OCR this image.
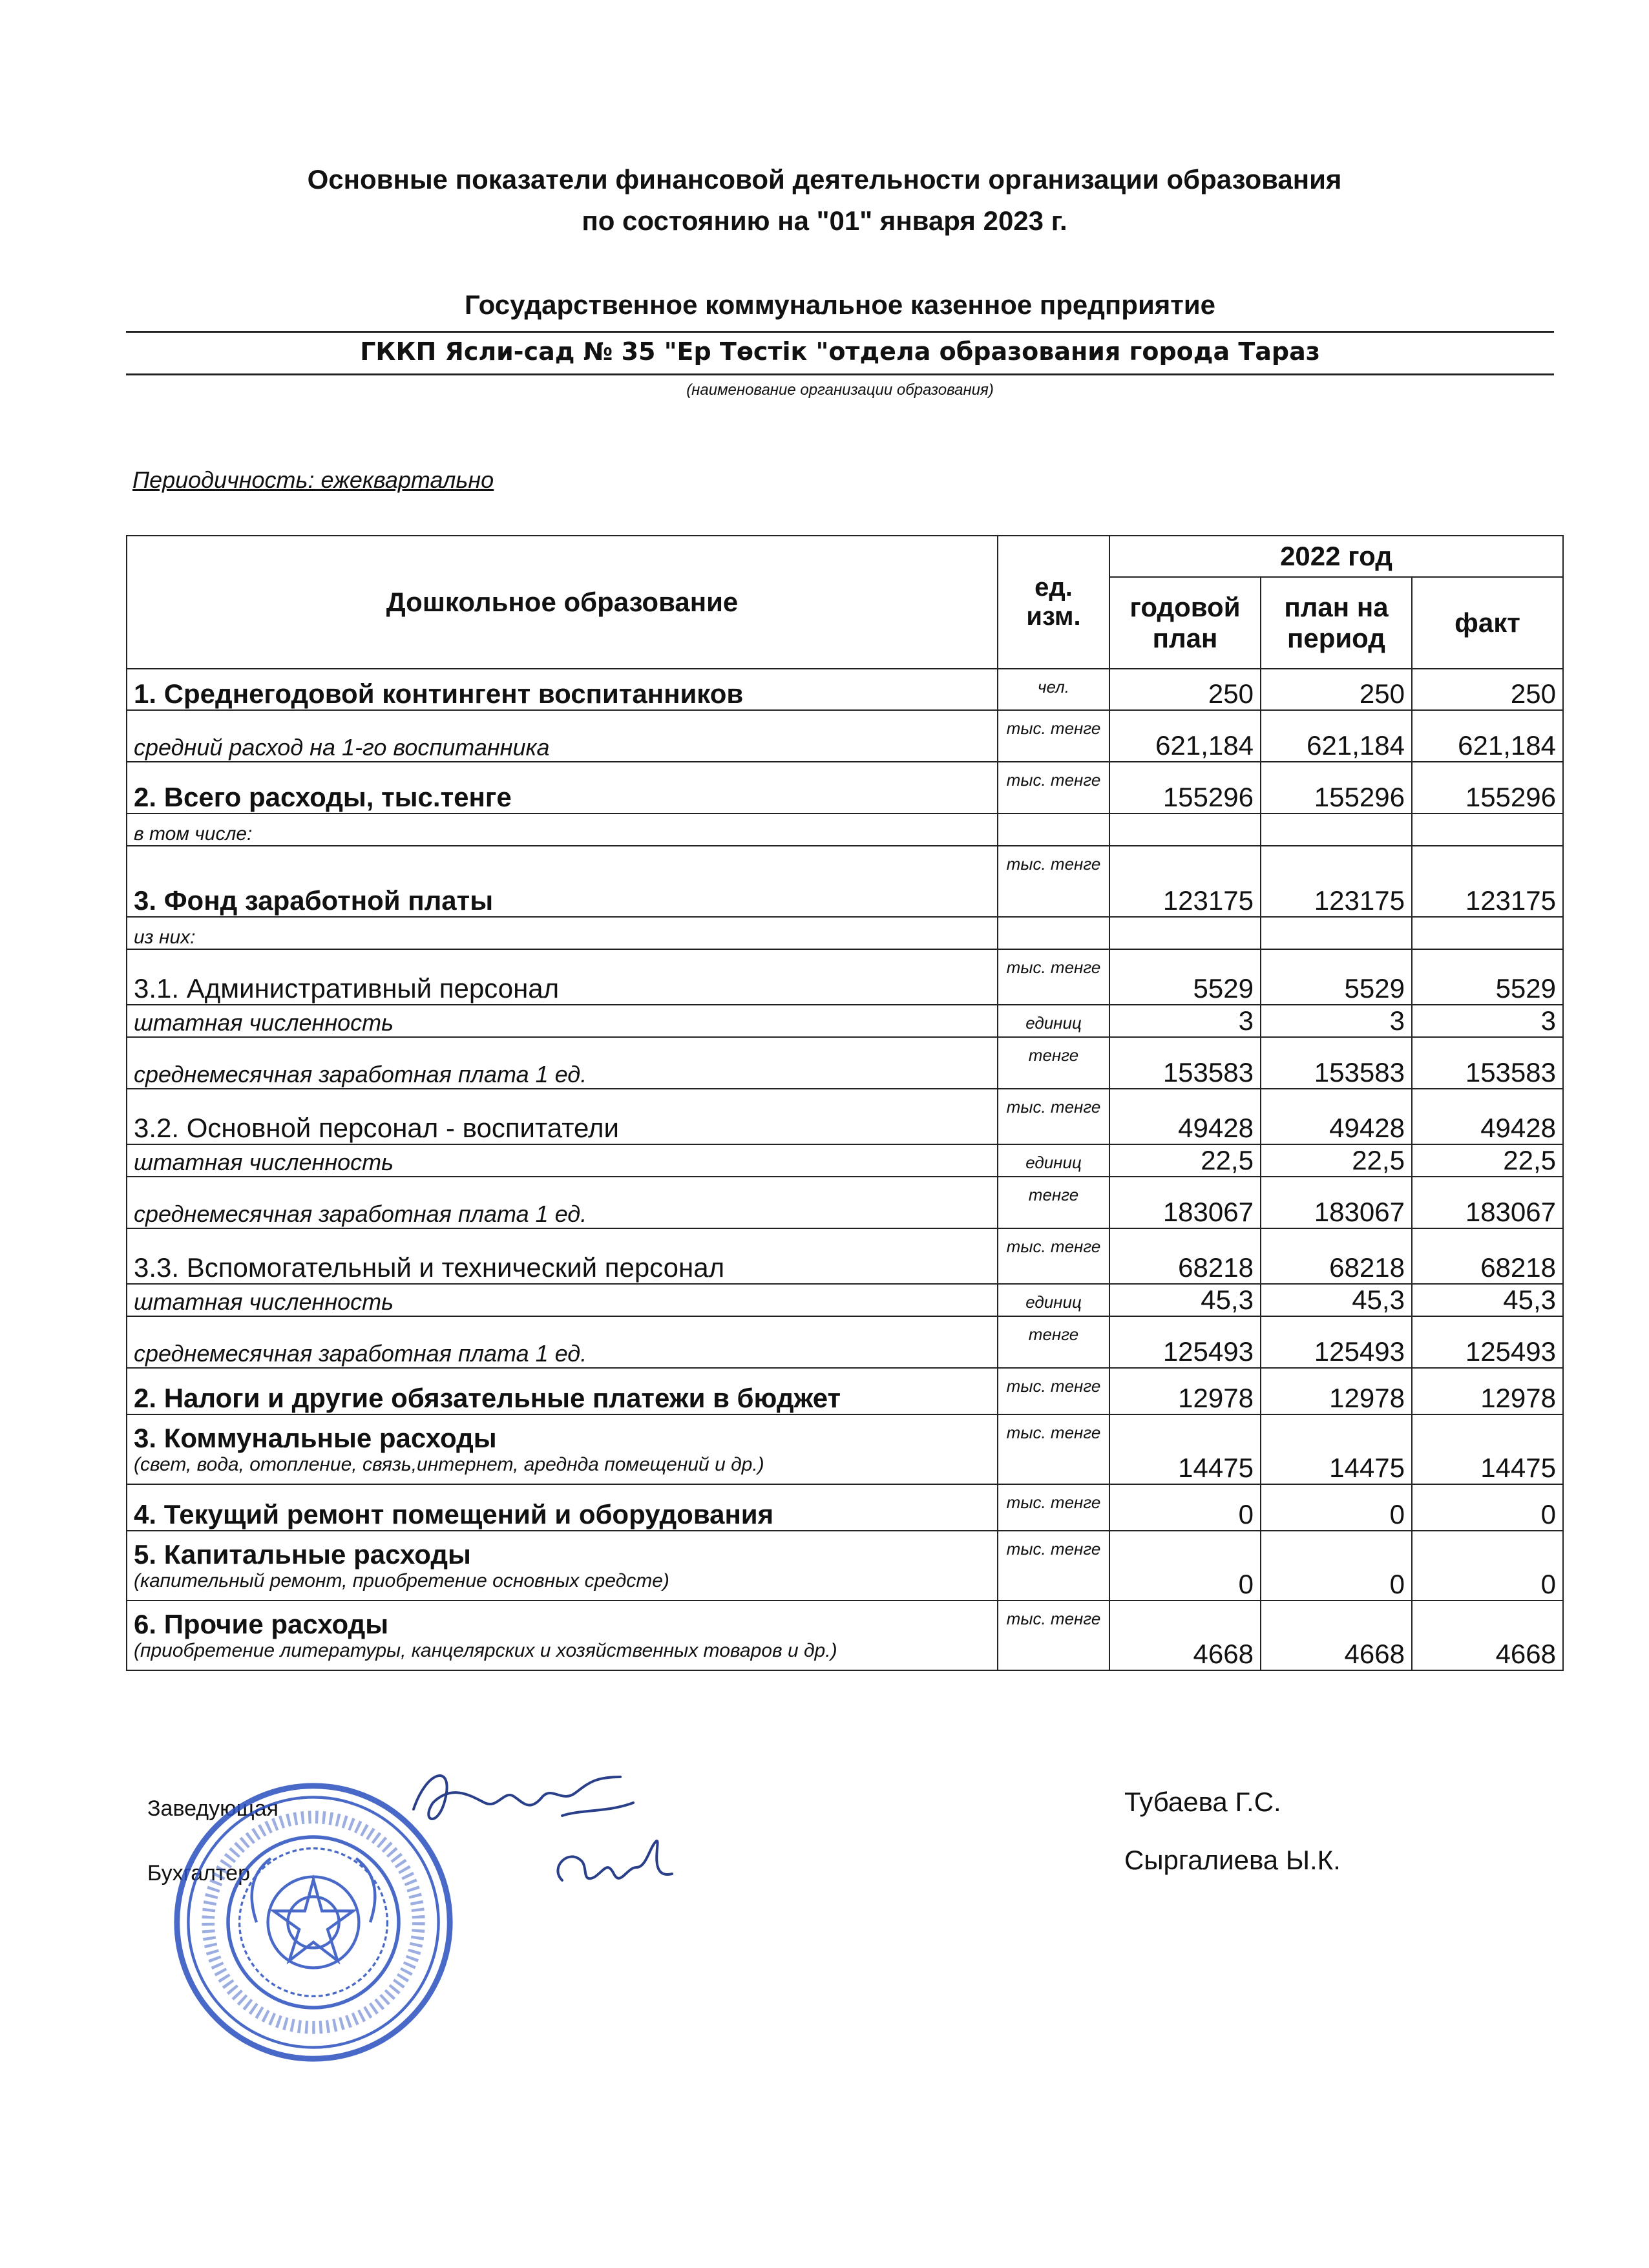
Основные показатели финансовой деятельности организации образования
по состоянию на "01" января 2023 г.
Государственное коммунальное казенное предприятие
ГККП Ясли-сад № 35 "Ер Төстік "отдела образования города Тараз
(наименование организации образования)
Периодичность: ежеквартально
Дошкольное образование	ед. изм.	2022 год		
		годовой план	план на период	факт
1. Среднегодовой контингент воспитанников	чел.	250	250	250
средний расход на 1-го воспитанника	тыс. тенге	621,184	621,184	621,184
2. Всего расходы, тыс.тенге	тыс. тенге	155296	155296	155296
в том числе:				
3. Фонд заработной платы	тыс. тенге	123175	123175	123175
из них:				
3.1. Административный персонал	тыс. тенге	5529	5529	5529
штатная численность	единиц	3	3	3
среднемесячная заработная плата 1 ед.	тенге	153583	153583	153583
3.2. Основной персонал - воспитатели	тыс. тенге	49428	49428	49428
штатная численность	единиц	22,5	22,5	22,5
среднемесячная заработная плата 1 ед.	тенге	183067	183067	183067
3.3. Вспомогательный и технический персонал	тыс. тенге	68218	68218	68218
штатная численность	единиц	45,3	45,3	45,3
среднемесячная заработная плата 1 ед.	тенге	125493	125493	125493
2. Налоги и другие обязательные платежи в бюджет	тыс. тенге	12978	12978	12978
3. Коммунальные расходы
(свет, вода, отопление, связь,интернет, ареднда помещений и др.)	тыс. тенге	14475	14475	14475
4. Текущий ремонт помещений и оборудования	тыс. тенге	0	0	0
5. Капитальные расходы
(капительный ремонт, приобретение основных средстe)	тыс. тенге	0	0	0
6. Прочие расходы
(приобретение литературы, канцелярских и хозяйственных товаров и др.)	тыс. тенге	4668	4668	4668
Заведующая
Бухгалтер
Тубаева Г.С.
Сыргалиева Ы.К.
